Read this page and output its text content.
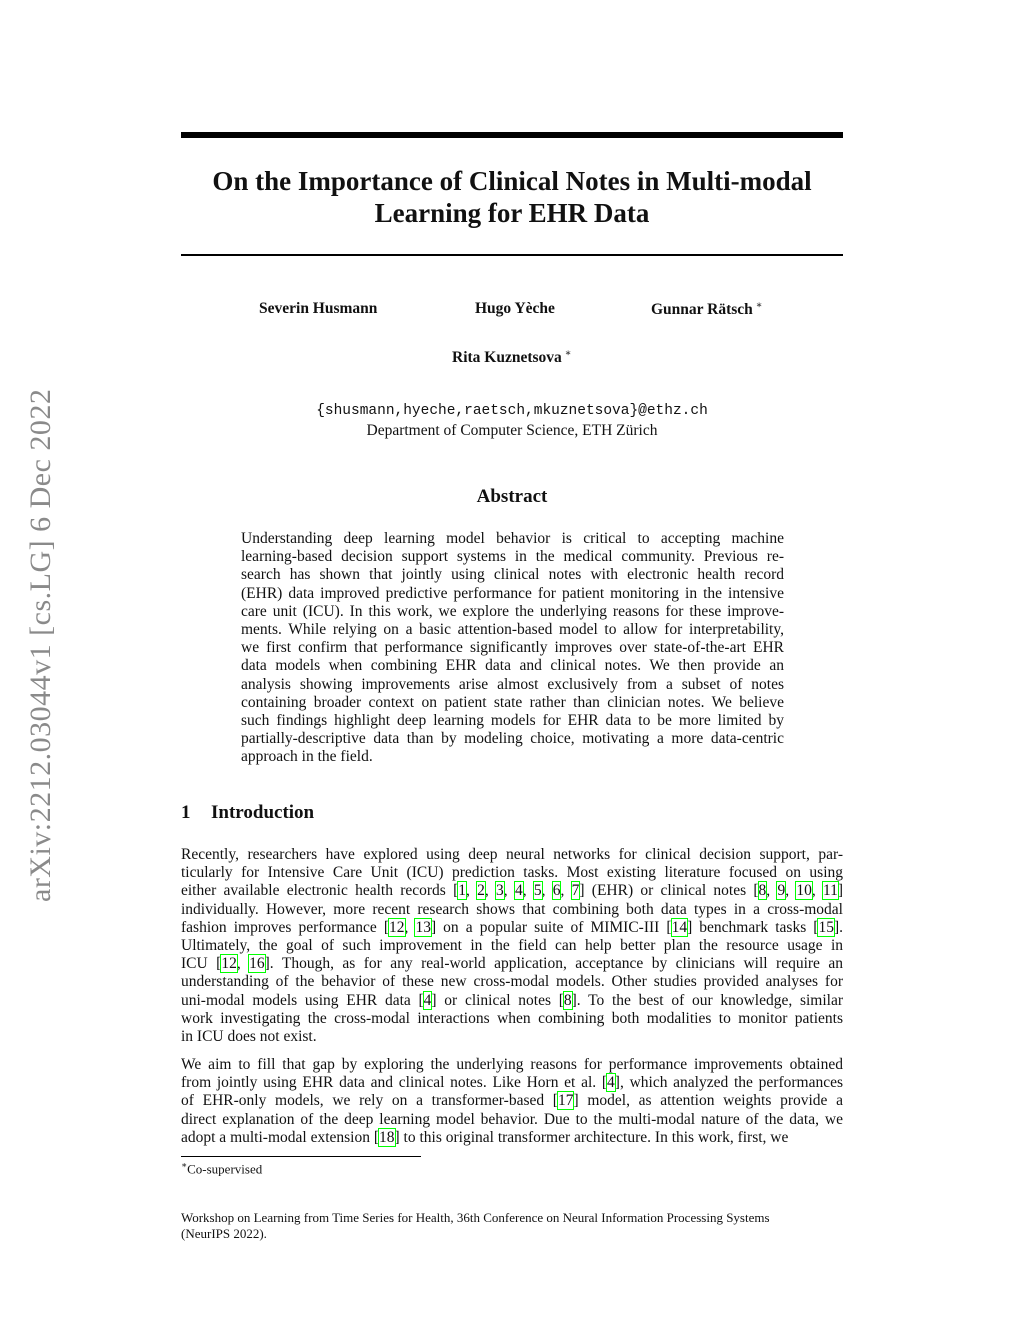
arXiv:2212.03044v1 [cs.LG] 6 Dec 2022
On the Importance of Clinical Notes in Multi-modal
Learning for EHR Data
Severin Husmann	Hugo Yèche	Gunnar Rätsch ∗
Rita Kuznetsova ∗
{shusmann,hyeche,raetsch,mkuznetsova}@ethz.ch
Department of Computer Science, ETH Zürich
Abstract
Understanding deep learning model behavior is critical to accepting machine
learning-based decision support systems in the medical community. Previous re-
search has shown that jointly using clinical notes with electronic health record
(EHR) data improved predictive performance for patient monitoring in the intensive
care unit (ICU). In this work, we explore the underlying reasons for these improve-
ments. While relying on a basic attention-based model to allow for interpretability,
we first confirm that performance significantly improves over state-of-the-art EHR
data models when combining EHR data and clinical notes. We then provide an
analysis showing improvements arise almost exclusively from a subset of notes
containing broader context on patient state rather than clinician notes. We believe
such findings highlight deep learning models for EHR data to be more limited by
partially-descriptive data than by modeling choice, motivating a more data-centric
approach in the field.
1 Introduction
Recently, researchers have explored using deep neural networks for clinical decision support, par-
ticularly for Intensive Care Unit (ICU) prediction tasks. Most existing literature focused on using
either available electronic health records [1, 2, 3, 4, 5, 6, 7] (EHR) or clinical notes [8, 9, 10, 11]
individually. However, more recent research shows that combining both data types in a cross-modal
fashion improves performance [12, 13] on a popular suite of MIMIC-III [14] benchmark tasks [15].
Ultimately, the goal of such improvement in the field can help better plan the resource usage in
ICU [12, 16]. Though, as for any real-world application, acceptance by clinicians will require an
understanding of the behavior of these new cross-modal models. Other studies provided analyses for
uni-modal models using EHR data [4] or clinical notes [8]. To the best of our knowledge, similar
work investigating the cross-modal interactions when combining both modalities to monitor patients
in ICU does not exist.
We aim to fill that gap by exploring the underlying reasons for performance improvements obtained
from jointly using EHR data and clinical notes. Like Horn et al. [4], which analyzed the performances
of EHR-only models, we rely on a transformer-based [17] model, as attention weights provide a
direct explanation of the deep learning model behavior. Due to the multi-modal nature of the data, we
adopt a multi-modal extension [18] to this original transformer architecture. In this work, first, we
∗Co-supervised
Workshop on Learning from Time Series for Health, 36th Conference on Neural Information Processing Systems
(NeurIPS 2022).
